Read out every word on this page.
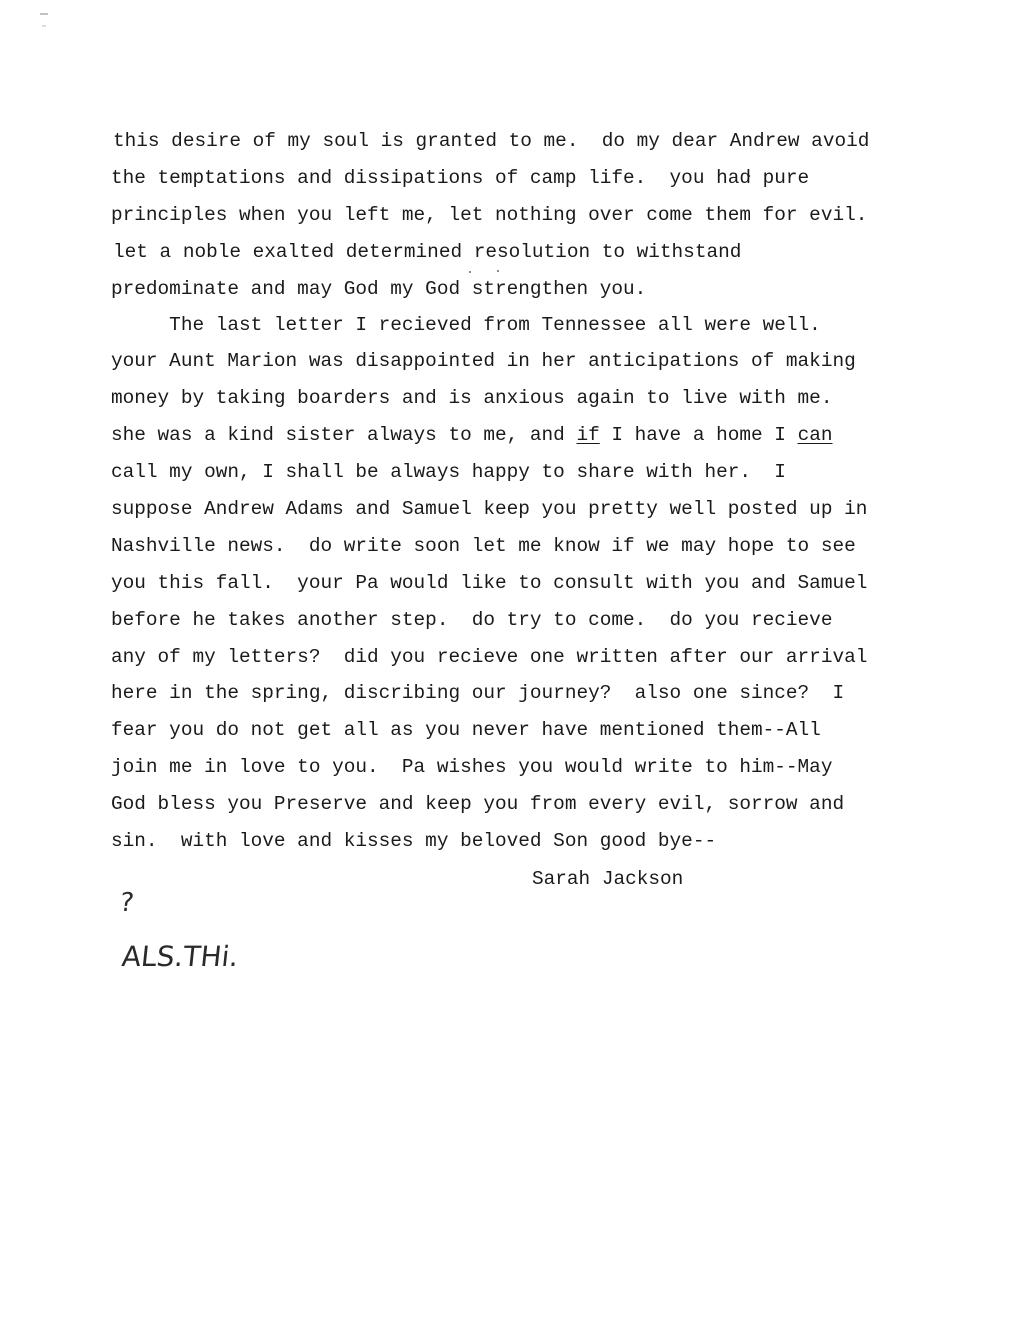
this desire of my soul is granted to me.  do my dear Andrew avoid
the temptations and dissipations of camp life.  you had pure
principles when you left me, let nothing over come them for evil.
let a noble exalted determined resolution to withstand
predominate and may God my God strengthen you.
The last letter I recieved from Tennessee all were well.
your Aunt Marion was disappointed in her anticipations of making
money by taking boarders and is anxious again to live with me.
she was a kind sister always to me, and if I have a home I can
call my own, I shall be always happy to share with her.  I
suppose Andrew Adams and Samuel keep you pretty well posted up in
Nashville news.  do write soon let me know if we may hope to see
you this fall.  your Pa would like to consult with you and Samuel
before he takes another step.  do try to come.  do you recieve
any of my letters?  did you recieve one written after our arrival
here in the spring, discribing our journey?  also one since?  I
fear you do not get all as you never have mentioned them--All
join me in love to you.  Pa wishes you would write to him--May
God bless you Preserve and keep you from every evil, sorrow and
sin.  with love and kisses my beloved Son good bye--
Sarah Jackson
?
ALS.THi.
